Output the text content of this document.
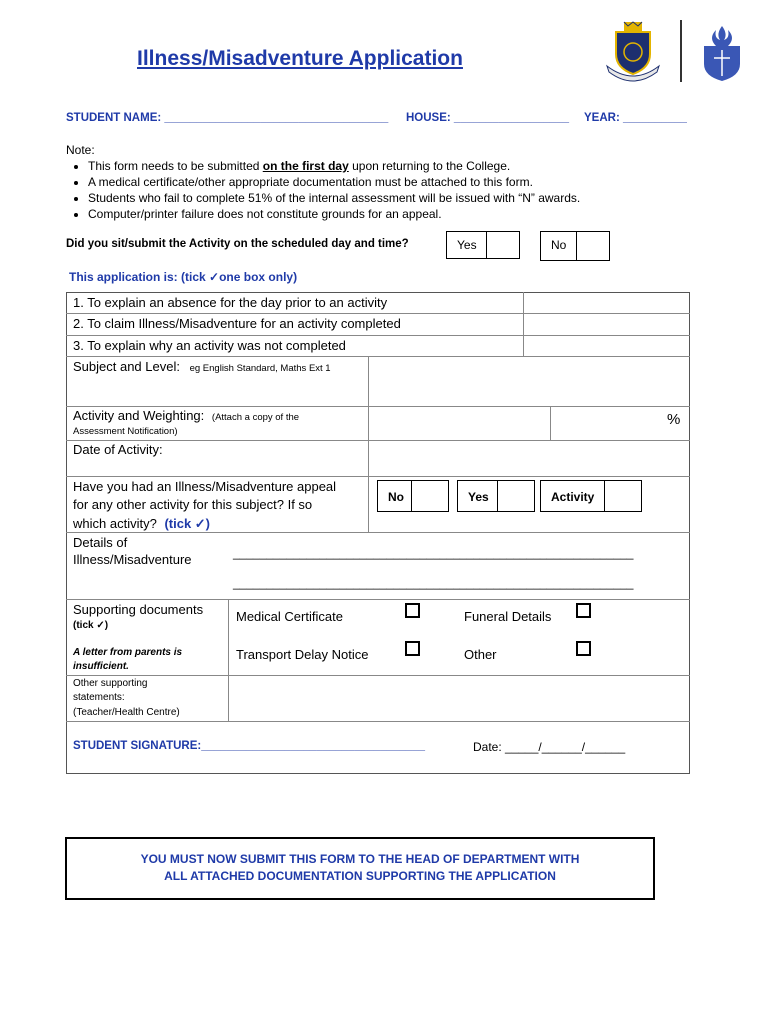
Illness/Misadventure Application
STUDENT NAME: ___________________________________ HOUSE: __________________ YEAR: __________
Note:
• This form needs to be submitted on the first day upon returning to the College.
• A medical certificate/other appropriate documentation must be attached to this form.
• Students who fail to complete 51% of the internal assessment will be issued with “N” awards.
• Computer/printer failure does not constitute grounds for an appeal.
Did you sit/submit the Activity on the scheduled day and time?	Yes	No
This application is: (tick ✓one box only)
1. To explain an absence for the day prior to an activity
2. To claim Illness/Misadventure for an activity completed
3. To explain why an activity was not completed
Subject and Level: eg English Standard, Maths Ext 1
Activity and Weighting: (Attach a copy of the
Assessment Notification)
%
Date of Activity:
Have you had an Illness/Misadventure appeal
for any other activity for this subject? If so
which activity? (tick ✓)
No	Yes	Activity
Details of
Illness/Misadventure	____________________________________________________________
____________________________________________________________
Supporting documents
(tick ✓)
A letter from parents is
insufficient.
Medical Certificate	Funeral Details
Transport Delay Notice	Other
Other supporting
statements:
(Teacher/Health Centre)
STUDENT SIGNATURE:___________________________________	Date: _____/______/______
YOU MUST NOW SUBMIT THIS FORM TO THE HEAD OF DEPARTMENT WITH
ALL ATTACHED DOCUMENTATION SUPPORTING THE APPLICATION
